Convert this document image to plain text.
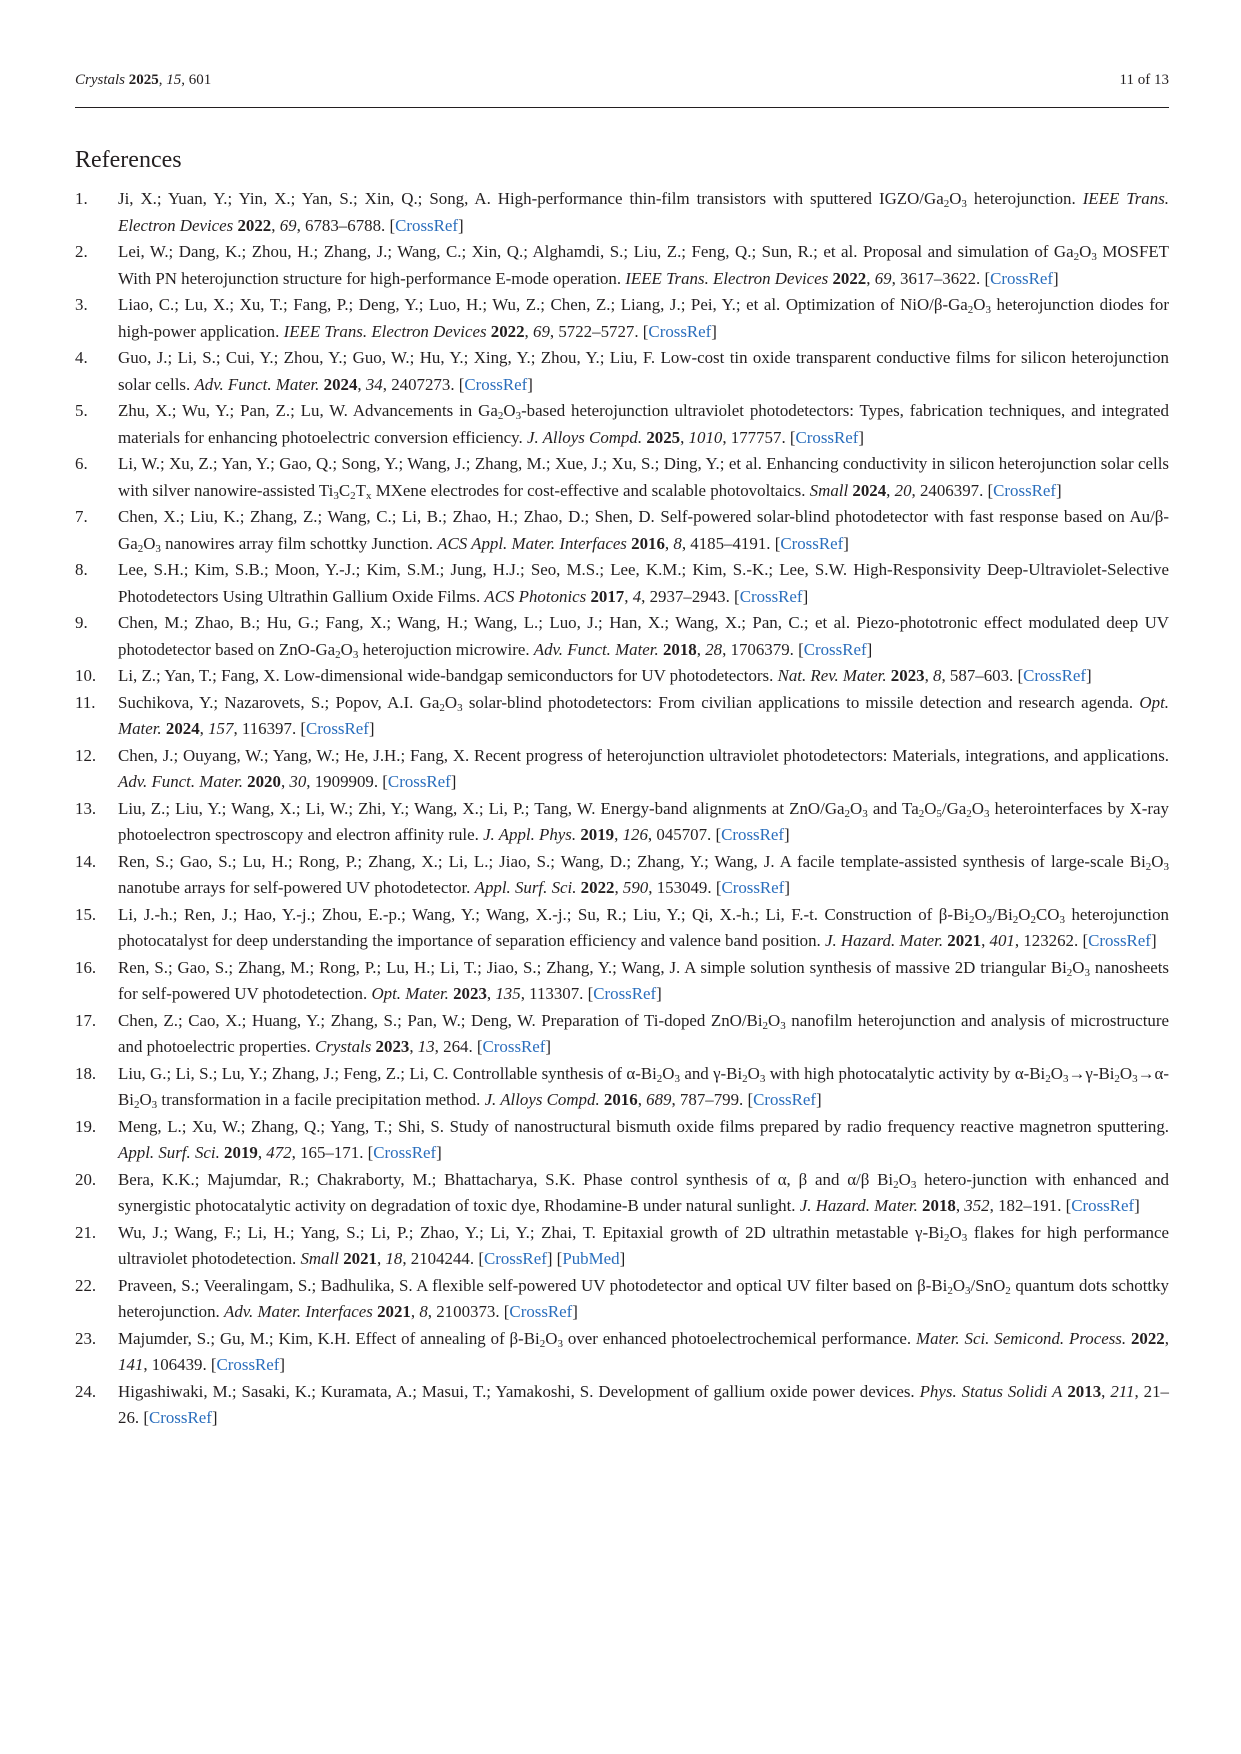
Crystals 2025, 15, 601	11 of 13
References
1. Ji, X.; Yuan, Y.; Yin, X.; Yan, S.; Xin, Q.; Song, A. High-performance thin-film transistors with sputtered IGZO/$Ga_2O_3$ heterojunction. IEEE Trans. Electron Devices 2022, 69, 6783–6788. [CrossRef]
2. Lei, W.; Dang, K.; Zhou, H.; Zhang, J.; Wang, C.; Xin, Q.; Alghamdi, S.; Liu, Z.; Feng, Q.; Sun, R.; et al. Proposal and simulation of $Ga_2O_3$ MOSFET With PN heterojunction structure for high-performance E-mode operation. IEEE Trans. Electron Devices 2022, 69, 3617–3622. [CrossRef]
3. Liao, C.; Lu, X.; Xu, T.; Fang, P.; Deng, Y.; Luo, H.; Wu, Z.; Chen, Z.; Liang, J.; Pei, Y.; et al. Optimization of NiO/$\beta-Ga_2O_3$ heterojunction diodes for high-power application. IEEE Trans. Electron Devices 2022, 69, 5722–5727. [CrossRef]
4. Guo, J.; Li, S.; Cui, Y.; Zhou, Y.; Guo, W.; Hu, Y.; Xing, Y.; Zhou, Y.; Liu, F. Low-cost tin oxide transparent conductive films for silicon heterojunction solar cells. Adv. Funct. Mater. 2024, 34, 2407273. [CrossRef]
5. Zhu, X.; Wu, Y.; Pan, Z.; Lu, W. Advancements in $Ga_2O_3$-based heterojunction ultraviolet photodetectors: Types, fabrication techniques, and integrated materials for enhancing photoelectric conversion efficiency. J. Alloys Compd. 2025, 1010, 177757. [CrossRef]
6. Li, W.; Xu, Z.; Yan, Y.; Gao, Q.; Song, Y.; Wang, J.; Zhang, M.; Xue, J.; Xu, S.; Ding, Y.; et al. Enhancing conductivity in silicon heterojunction solar cells with silver nanowire-assisted $Ti_3C_2T_x$ MXene electrodes for cost-effective and scalable photovoltaics. Small 2024, 20, 2406397. [CrossRef]
7. Chen, X.; Liu, K.; Zhang, Z.; Wang, C.; Li, B.; Zhao, H.; Zhao, D.; Shen, D. Self-powered solar-blind photodetector with fast response based on $Au/\beta-Ga_2O_3$ nanowires array film schottky Junction. ACS Appl. Mater. Interfaces 2016, 8, 4185–4191. [CrossRef]
8. Lee, S.H.; Kim, S.B.; Moon, Y.-J.; Kim, S.M.; Jung, H.J.; Seo, M.S.; Lee, K.M.; Kim, S.-K.; Lee, S.W. High-Responsivity Deep-Ultraviolet-Selective Photodetectors Using Ultrathin Gallium Oxide Films. ACS Photonics 2017, 4, 2937–2943. [CrossRef]
9. Chen, M.; Zhao, B.; Hu, G.; Fang, X.; Wang, H.; Wang, L.; Luo, J.; Han, X.; Wang, X.; Pan, C.; et al. Piezo-phototronic effect modulated deep UV photodetector based on ZnO-$Ga_2O_3$ heterojuction microwire. Adv. Funct. Mater. 2018, 28, 1706379. [CrossRef]
10. Li, Z.; Yan, T.; Fang, X. Low-dimensional wide-bandgap semiconductors for UV photodetectors. Nat. Rev. Mater. 2023, 8, 587–603. [CrossRef]
11. Suchikova, Y.; Nazarovets, S.; Popov, A.I. $Ga_2O_3$ solar-blind photodetectors: From civilian applications to missile detection and research agenda. Opt. Mater. 2024, 157, 116397. [CrossRef]
12. Chen, J.; Ouyang, W.; Yang, W.; He, J.H.; Fang, X. Recent progress of heterojunction ultraviolet photodetectors: Materials, integrations, and applications. Adv. Funct. Mater. 2020, 30, 1909909. [CrossRef]
13. Liu, Z.; Liu, Y.; Wang, X.; Li, W.; Zhi, Y.; Wang, X.; Li, P.; Tang, W. Energy-band alignments at ZnO/$Ga_2O_3$ and $Ta_2O_5/Ga_2O_3$ heterointerfaces by X-ray photoelectron spectroscopy and electron affinity rule. J. Appl. Phys. 2019, 126, 045707. [CrossRef]
14. Ren, S.; Gao, S.; Lu, H.; Rong, P.; Zhang, X.; Li, L.; Jiao, S.; Wang, D.; Zhang, Y.; Wang, J. A facile template-assisted synthesis of large-scale $Bi_2O_3$ nanotube arrays for self-powered UV photodetector. Appl. Surf. Sci. 2022, 590, 153049. [CrossRef]
15. Li, J.-h.; Ren, J.; Hao, Y.-j.; Zhou, E.-p.; Wang, Y.; Wang, X.-j.; Su, R.; Liu, Y.; Qi, X.-h.; Li, F.-t. Construction of $\beta-Bi_2O_3/Bi_2O_2CO_3$ heterojunction photocatalyst for deep understanding the importance of separation efficiency and valence band position. J. Hazard. Mater. 2021, 401, 123262. [CrossRef]
16. Ren, S.; Gao, S.; Zhang, M.; Rong, P.; Lu, H.; Li, T.; Jiao, S.; Zhang, Y.; Wang, J. A simple solution synthesis of massive 2D triangular $Bi_2O_3$ nanosheets for self-powered UV photodetection. Opt. Mater. 2023, 135, 113307. [CrossRef]
17. Chen, Z.; Cao, X.; Huang, Y.; Zhang, S.; Pan, W.; Deng, W. Preparation of Ti-doped ZnO/$Bi_2O_3$ nanofilm heterojunction and analysis of microstructure and photoelectric properties. Crystals 2023, 13, 264. [CrossRef]
18. Liu, G.; Li, S.; Lu, Y.; Zhang, J.; Feng, Z.; Li, C. Controllable synthesis of $\alpha-Bi_2O_3$ and $\gamma-Bi_2O_3$ with high photocatalytic activity by $\alpha-Bi_2O_3\to\gamma-Bi_2O_3\to\alpha-Bi_2O_3$ transformation in a facile precipitation method. J. Alloys Compd. 2016, 689, 787–799. [CrossRef]
19. Meng, L.; Xu, W.; Zhang, Q.; Yang, T.; Shi, S. Study of nanostructural bismuth oxide films prepared by radio frequency reactive magnetron sputtering. Appl. Surf. Sci. 2019, 472, 165–171. [CrossRef]
20. Bera, K.K.; Majumdar, R.; Chakraborty, M.; Bhattacharya, S.K. Phase control synthesis of α, β and α/β $Bi_2O_3$ hetero-junction with enhanced and synergistic photocatalytic activity on degradation of toxic dye, Rhodamine-B under natural sunlight. J. Hazard. Mater. 2018, 352, 182–191. [CrossRef]
21. Wu, J.; Wang, F.; Li, H.; Yang, S.; Li, P.; Zhao, Y.; Li, Y.; Zhai, T. Epitaxial growth of 2D ultrathin metastable $\gamma-Bi_2O_3$ flakes for high performance ultraviolet photodetection. Small 2021, 18, 2104244. [CrossRef] [PubMed]
22. Praveen, S.; Veeralingam, S.; Badhulika, S. A flexible self-powered UV photodetector and optical UV filter based on $\beta-Bi_2O_3/SnO_2$ quantum dots schottky heterojunction. Adv. Mater. Interfaces 2021, 8, 2100373. [CrossRef]
23. Majumder, S.; Gu, M.; Kim, K.H. Effect of annealing of $\beta-Bi_2O_3$ over enhanced photoelectrochemical performance. Mater. Sci. Semicond. Process. 2022, 141, 106439. [CrossRef]
24. Higashiwaki, M.; Sasaki, K.; Kuramata, A.; Masui, T.; Yamakoshi, S. Development of gallium oxide power devices. Phys. Status Solidi A 2013, 211, 21–26. [CrossRef]
